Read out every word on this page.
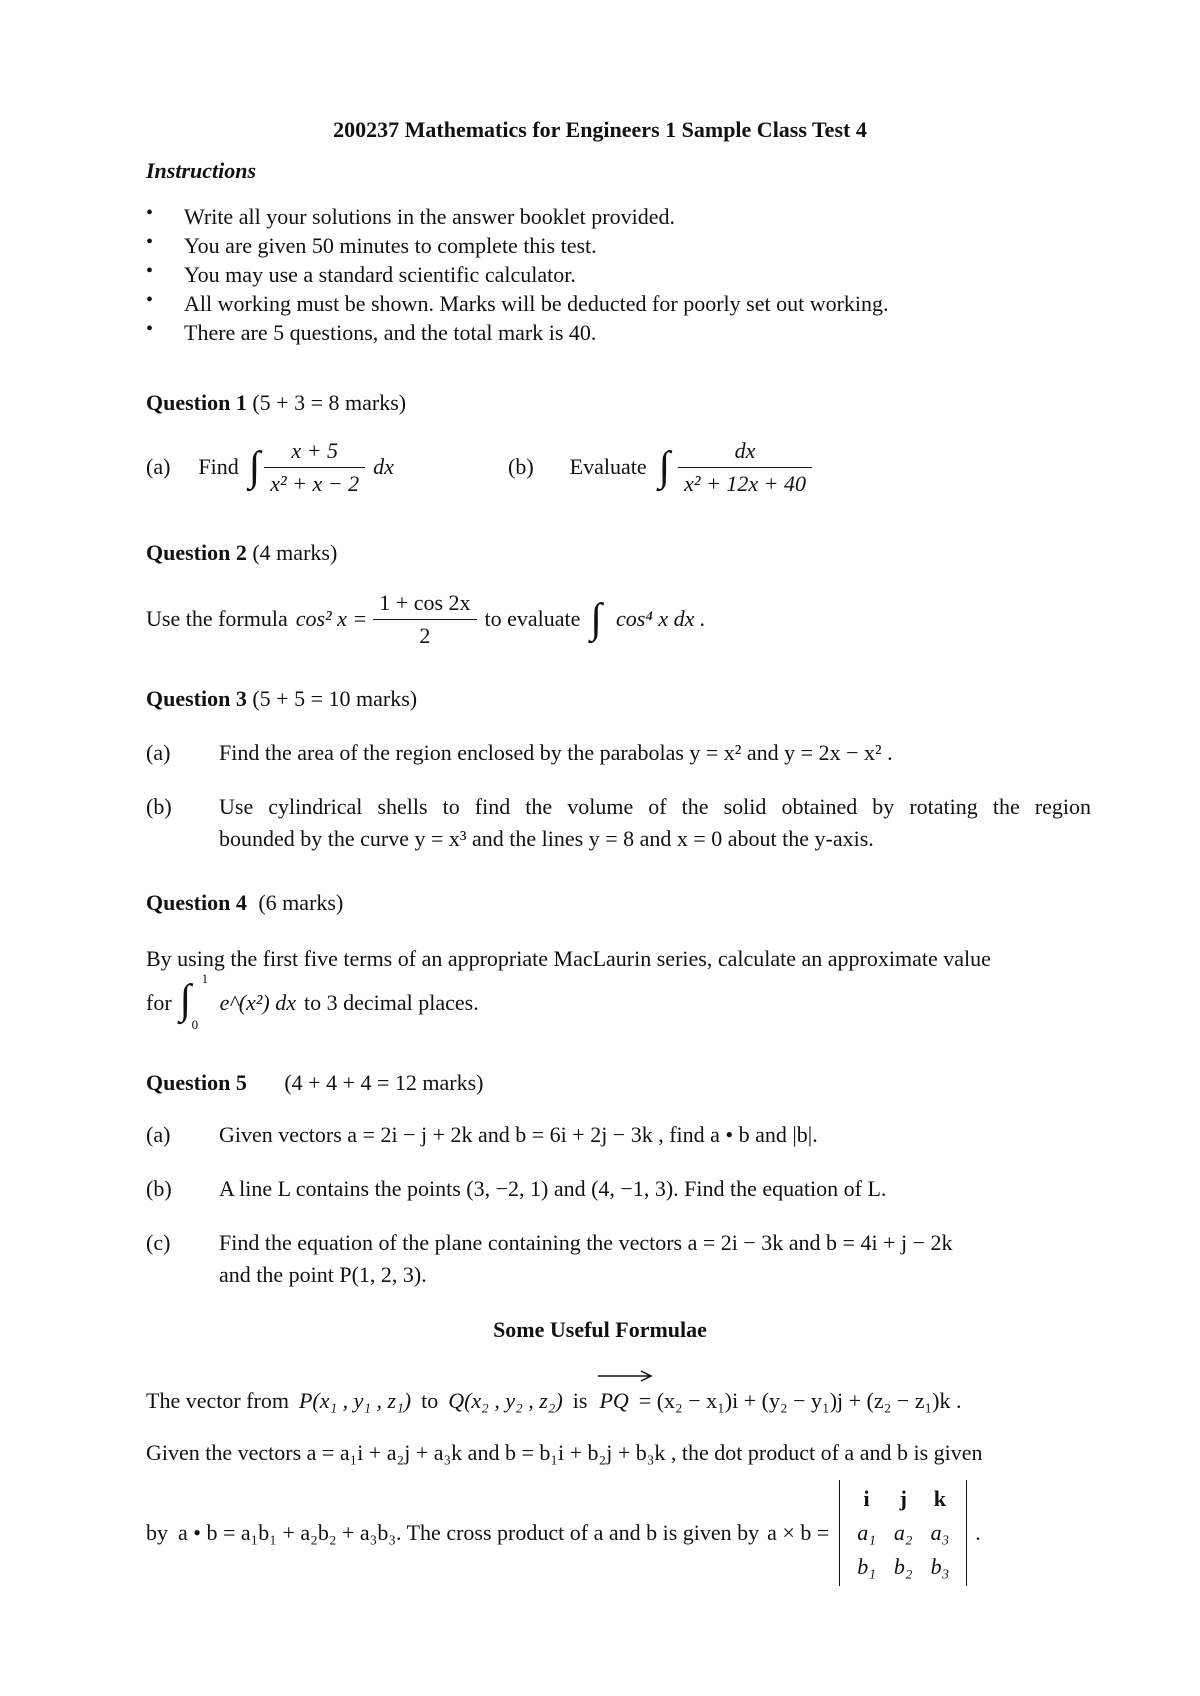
200237 Mathematics for Engineers 1 Sample Class Test 4
Instructions
• Write all your solutions in the answer booklet provided.
• You are given 50 minutes to complete this test.
• You may use a standard scientific calculator.
• All working must be shown. Marks will be deducted for poorly set out working.
• There are 5 questions, and the total mark is 40.
Question 1 (5 + 3 = 8 marks)
(a) Find ∫ $\frac{x + 5}{\text{x² + x − 2}}$ dx	(b) Evaluate ∫ $\frac{dx}{\text{x² + 12x + 40}}$
Question 2 (4 marks)
Use the formula cos² $x = \frac{1 + \cos 2x}{2}$ to evaluate ∫ cos⁴ x dx .
Question 3 (5 + 5 = 10 marks)
(a) Find the area of the region enclosed by the parabolas y = x² and y = 2x − x² .
(b) Use cylindrical shells to find the volume of the solid obtained by rotating the region
bounded by the curve y = x³ and the lines y = 8 and x = 0 about the y-axis.
Question 4 (6 marks)
By using the first five terms of an appropriate MacLaurin series, calculate an approximate value
for ∫ 1
0
e^(x²) dx to 3 decimal places.
Question 5 (4 + 4 + 4 = 12 marks)
(a) Given vectors a = 2i − j + 2k and b = 6i + 2j − 3k , find a • b and |b|.
(b) A line L contains the points (3, −2, 1) and (4, −1, 3). Find the equation of L.
(c) Find the equation of the plane containing the vectors a = 2i − 3k and b = 4i + j − 2k
and the point P(1, 2, 3).
Some Useful Formulae
The vector from P(x₁ , y₁ , z₁) to Q(x₂ , y₂ , z₂) is PQ = (x₂ − x₁)i + (y₂ − y₁)j + (z₂ − z₁)k .
Given the vectors a = a₁i + a₂j + a₃k and b = b₁i + b₂j + b₃k , the dot product of a and b is given
by a • b = a₁b₁ + a₂b₂ + a₃b₃ . The cross product of a and b is given by a × b =
i	j	k
a₁	a₂	a₃
b₁	b₂	b₃
.
